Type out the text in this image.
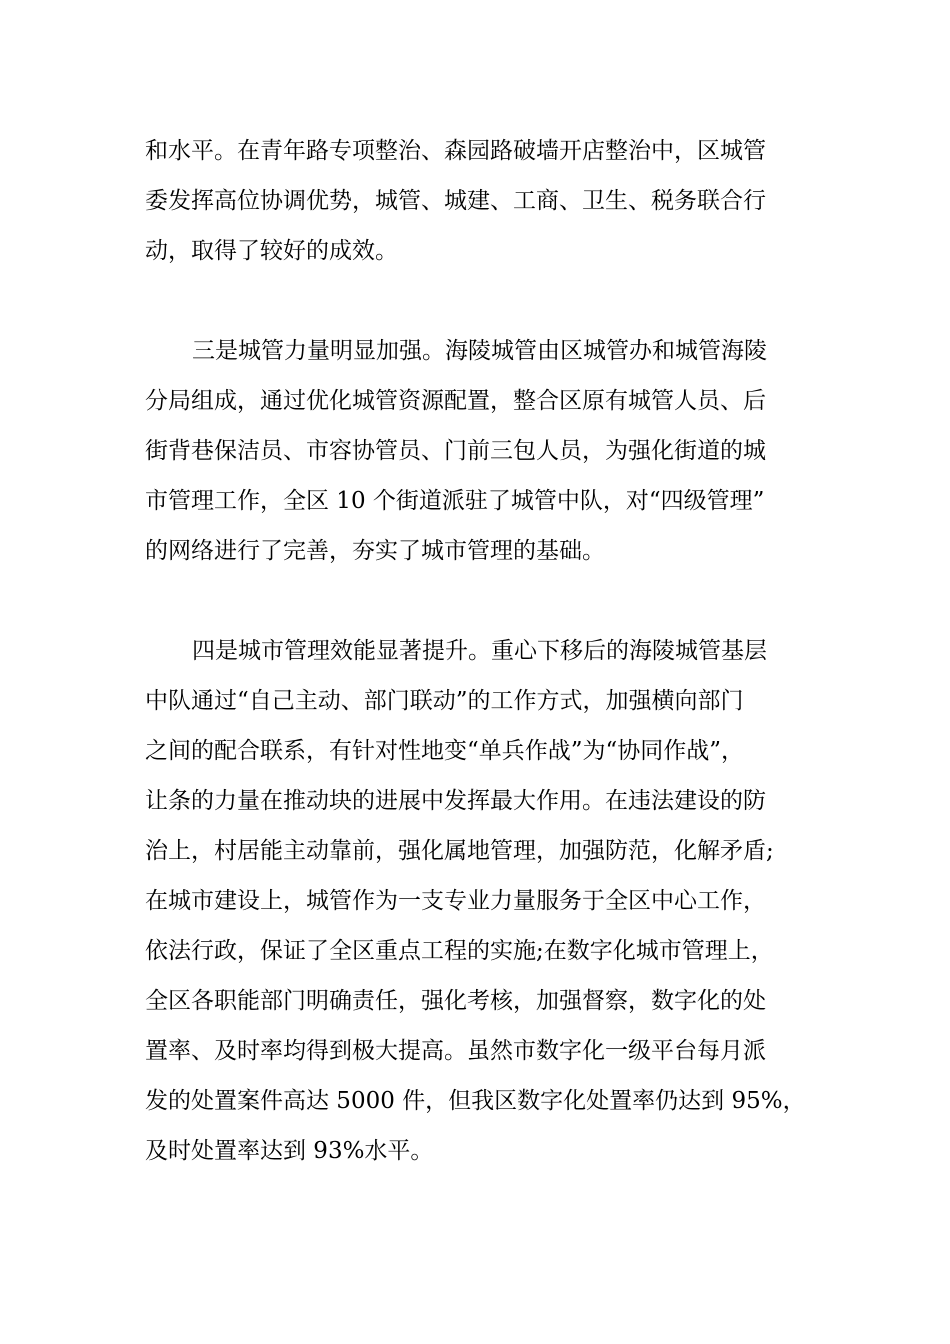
和水平。在青年路专项整治、森园路破墙开店整治中，区城管
委发挥高位协调优势，城管、城建、工商、卫生、税务联合行
动，取得了较好的成效。
三是城管力量明显加强。海陵城管由区城管办和城管海陵
分局组成，通过优化城管资源配置，整合区原有城管人员、后
街背巷保洁员、市容协管员、门前三包人员，为强化街道的城
市管理工作，全区 10 个街道派驻了城管中队，对“四级管理”
的网络进行了完善，夯实了城市管理的基础。
四是城市管理效能显著提升。重心下移后的海陵城管基层
中队通过“自己主动、部门联动”的工作方式，加强横向部门
之间的配合联系，有针对性地变“单兵作战”为“协同作战”，
让条的力量在推动块的进展中发挥最大作用。在违法建设的防
治上，村居能主动靠前，强化属地管理，加强防范，化解矛盾;
在城市建设上，城管作为一支专业力量服务于全区中心工作，
依法行政，保证了全区重点工程的实施;在数字化城市管理上，
全区各职能部门明确责任，强化考核，加强督察，数字化的处
置率、及时率均得到极大提高。虽然市数字化一级平台每月派
发的处置案件高达 5000 件，但我区数字化处置率仍达到 95%，
及时处置率达到 93%水平。
